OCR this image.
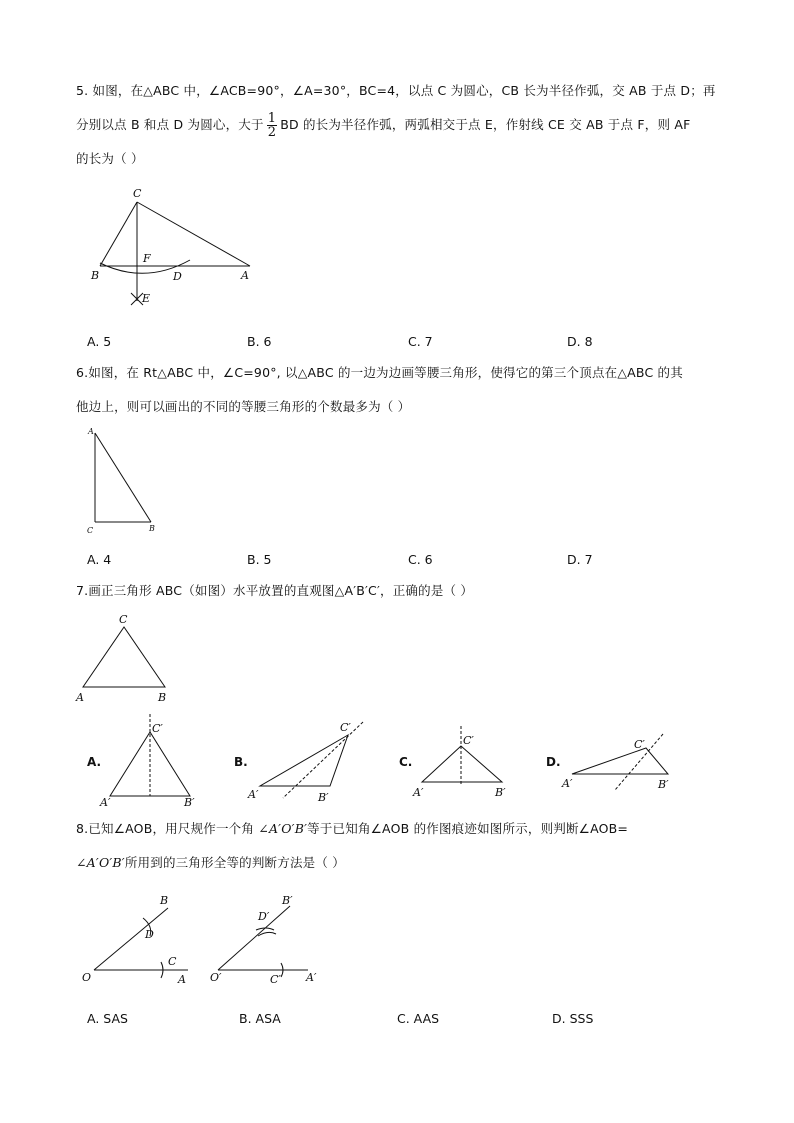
5. 如图，在△ABC 中，∠ACB=90°，∠A=30°，BC=4，以点 C 为圆心，CB 长为半径作弧，交 AB 于点 D；再
分别以点 B 和点 D 为圆心，大于 $\frac{1}{2}$ BD 的长为半径作弧，两弧相交于点 E，作射线 CE 交 AB 于点 F，则 AF
的长为（ ）
C
F
B	D	A
E
A. 5	B. 6	C. 7	D. 8
6.如图，在 Rt△ABC 中，∠C=90°, 以△ABC 的一边为边画等腰三角形，使得它的第三个顶点在△ABC 的其
他边上，则可以画出的不同的等腰三角形的个数最多为（ ）
A
C	B
A. 4	B. 5	C. 6	D. 7
7.画正三角形 ABC（如图）水平放置的直观图△A′B′C′，正确的是（ ）
C
A	B
A.
C′
A′	B′
B.
C′
A′	B′
C.
C′
A′	B′
D.
C′
A′	B′
8.已知∠AOB，用尺规作一个角 ∠A′O′B′等于已知角∠AOB 的作图痕迹如图所示，则判断∠AOB=
∠A′O′B′所用到的三角形全等的判断方法是（ ）
B
D
C
O	A
B′
D′
C′
O′	A′
A. SAS	B. ASA	C. AAS	D. SSS
